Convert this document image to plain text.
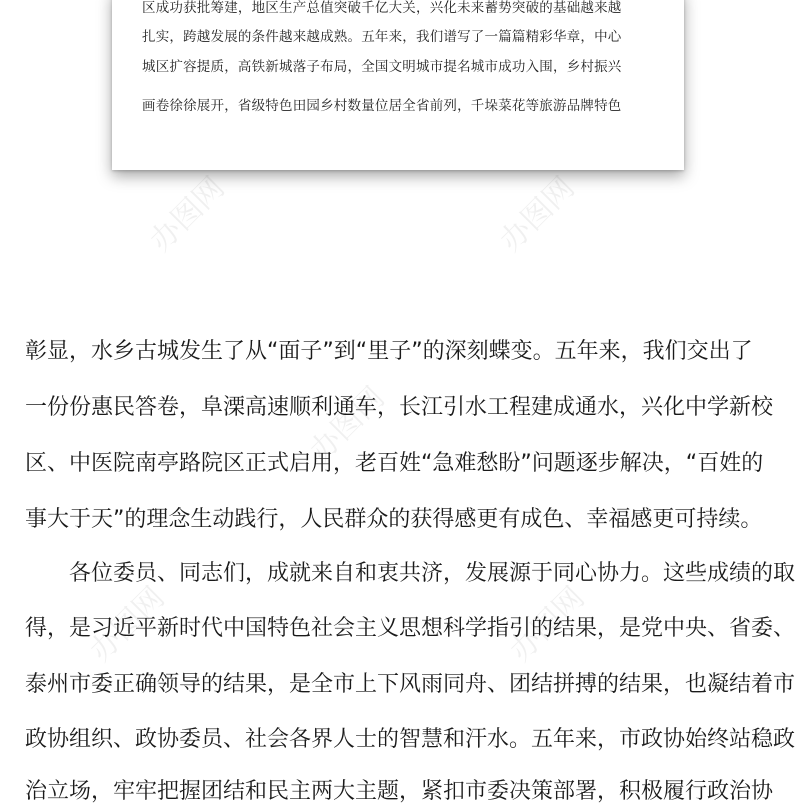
区成功获批筹建，地区生产总值突破千亿大关，兴化未来蓄势突破的基础越来越
扎实，跨越发展的条件越来越成熟。五年来，我们谱写了一篇篇精彩华章，中心
城区扩容提质，高铁新城落子布局，全国文明城市提名城市成功入围，乡村振兴
画卷徐徐展开，省级特色田园乡村数量位居全省前列，千垛菜花等旅游品牌特色
彰显，水乡古城发生了从“面子”到“里子”的深刻蝶变。五年来，我们交出了
一份份惠民答卷，阜溧高速顺利通车，长江引水工程建成通水，兴化中学新校
区、中医院南亭路院区正式启用，老百姓“急难愁盼”问题逐步解决，“百姓的
事大于天”的理念生动践行，人民群众的获得感更有成色、幸福感更可持续。
各位委员、同志们，成就来自和衷共济，发展源于同心协力。这些成绩的取
得，是习近平新时代中国特色社会主义思想科学指引的结果，是党中央、省委、
泰州市委正确领导的结果，是全市上下风雨同舟、团结拼搏的结果，也凝结着市
政协组织、政协委员、社会各界人士的智慧和汗水。五年来，市政协始终站稳政
治立场，牢牢把握团结和民主两大主题，紧扣市委决策部署，积极履行政治协
办图网	办图网
办图网
办图网	办图网
